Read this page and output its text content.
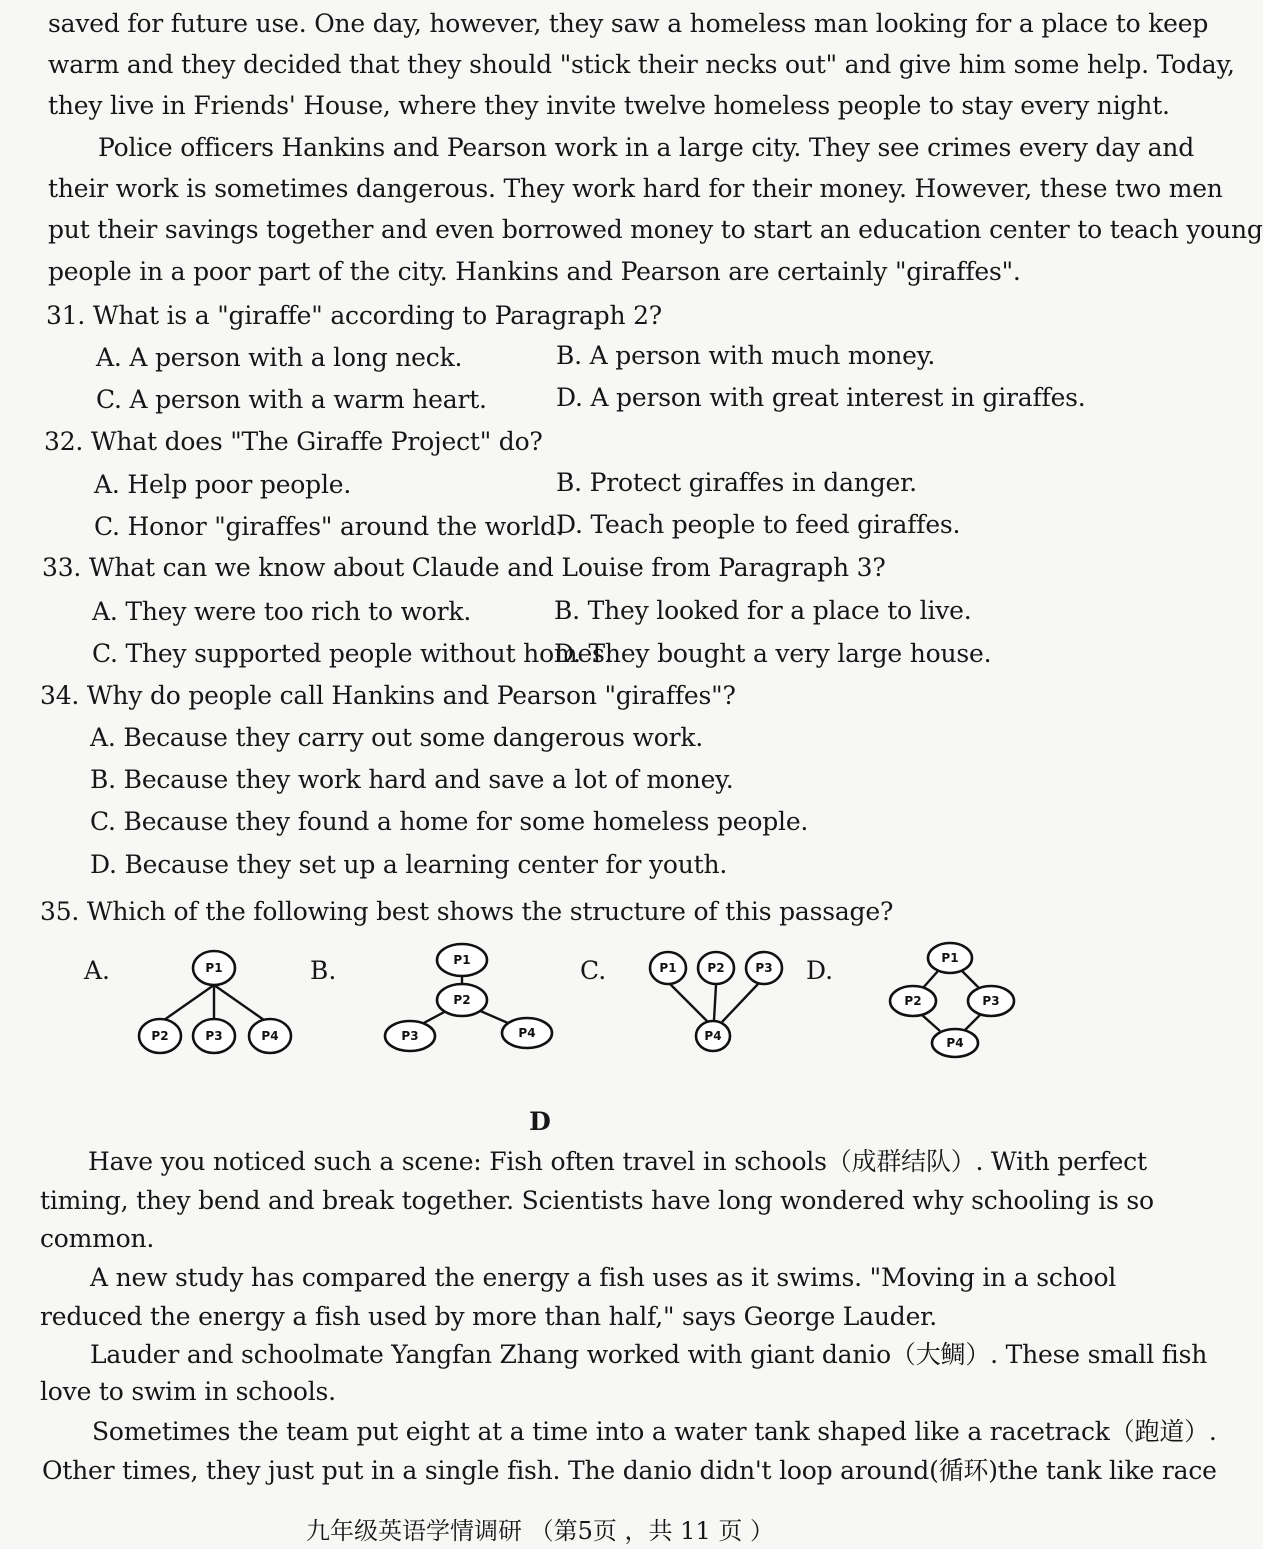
saved for future use. One day, however, they saw a homeless man looking for a place to keep
warm and they decided that they should "stick their necks out" and give him some help. Today,
they live in Friends' House, where they invite twelve homeless people to stay every night.
Police officers Hankins and Pearson work in a large city. They see crimes every day and
their work is sometimes dangerous. They work hard for their money. However, these two men
put their savings together and even borrowed money to start an education center to teach young
people in a poor part of the city. Hankins and Pearson are certainly "giraffes".
31. What is a "giraffe" according to Paragraph 2?
A. A person with a long neck.	B. A person with much money.
C. A person with a warm heart.	D. A person with great interest in giraffes.
32. What does "The Giraffe Project" do?
A. Help poor people.	B. Protect giraffes in danger.
C. Honor "giraffes" around the world.
D. Teach people to feed giraffes.
33. What can we know about Claude and Louise from Paragraph 3?
A. They were too rich to work.	B. They looked for a place to live.
C. They supported people without homes.
D. They bought a very large house.
34. Why do people call Hankins and Pearson "giraffes"?
A. Because they carry out some dangerous work.
B. Because they work hard and save a lot of money.
C. Because they found a home for some homeless people.
D. Because they set up a learning center for youth.
35. Which of the following best shows the structure of this passage?
A.	B.	C.	D.
P1
P2	P3	P4
P1
P2
P3	P4
P1	P2	P3
P4
P1
P2	P3
P4
D
Have you noticed such a scene: Fish often travel in schools（成群结队）. With perfect
timing, they bend and break together. Scientists have long wondered why schooling is so
common.
A new study has compared the energy a fish uses as it swims. "Moving in a school
reduced the energy a fish used by more than half," says George Lauder.
Lauder and schoolmate Yangfan Zhang worked with giant danio（大鲷）. These small fish
love to swim in schools.
Sometimes the team put eight at a time into a water tank shaped like a racetrack（跑道）.
Other times, they just put in a single fish. The danio didn't loop around(循环)the tank like race
九年级英语学情调研 （第5页 ，共 11 页 ）
